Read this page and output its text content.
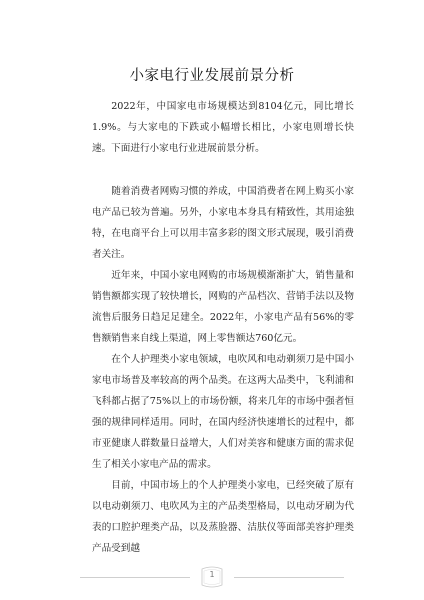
小家电行业发展前景分析

2022年，中国家电市场规模达到8104亿元，同比增长1.9%。与大家电的下跌或小幅增长相比，小家电则增长快速。下面进行小家电行业进展前景分析。

随着消费者网购习惯的养成，中国消费者在网上购买小家电产品已较为普遍。另外，小家电本身具有精致性，其用途独特，在电商平台上可以用丰富多彩的图文形式展现，吸引消费者关注。

近年来，中国小家电网购的市场规模渐渐扩大，销售量和销售额都实现了较快增长，网购的产品档次、营销手法以及物流售后服务日趋足足建全。2022年，小家电产品有56%的零售额销售来自线上渠道，网上零售额达760亿元。

在个人护理类小家电领域，电吹风和电动剃须刀是中国小家电市场普及率较高的两个品类。在这两大品类中，飞利浦和飞科都占据了75%以上的市场份额，将来几年的市场中强者恒强的规律同样适用。同时，在国内经济快速增长的过程中，都市亚健康人群数量日益增大，人们对美容和健康方面的需求促生了相关小家电产品的需求。

目前，中国市场上的个人护理类小家电，已经突破了原有以电动剃须刀、电吹风为主的产品类型格局，以电动牙刷为代表的口腔护理类产品，以及蒸脸器、洁肤仪等面部美容护理类产品受到越

1
